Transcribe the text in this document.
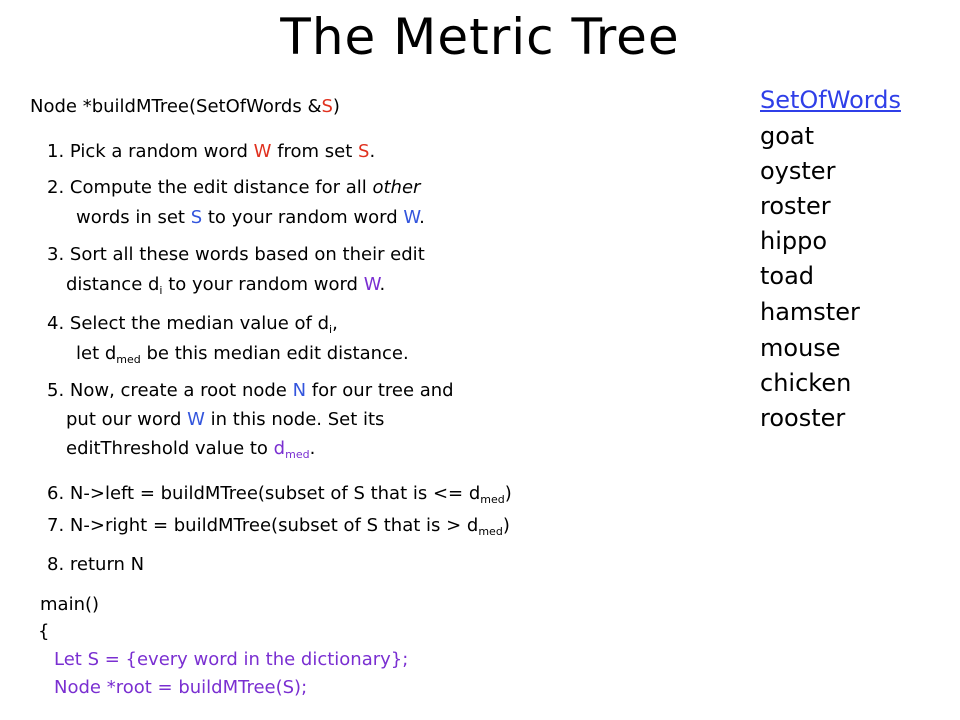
The Metric Tree
Node *buildMTree(SetOfWords &S)
1. Pick a random word W from set S.
2. Compute the edit distance for all other
words in set S to your random word W.
3. Sort all these words based on their edit
distance $d_i$ to your random word W.
4. Select the median value of $d_i$,
let $d_{med}$ be this median edit distance.
5. Now, create a root node N for our tree and
put our word W in this node. Set its
editThreshold value to $d_{med}$.
6. N->left = buildMTree(subset of S that is <= $d_{med}$)
7. N->right = buildMTree(subset of S that is > $d_{med}$)
8. return N
main()
{
Let S = {every word in the dictionary};
Node *root = buildMTree(S);
SetOfWords
goat
oyster
roster
hippo
toad
hamster
mouse
chicken
rooster
